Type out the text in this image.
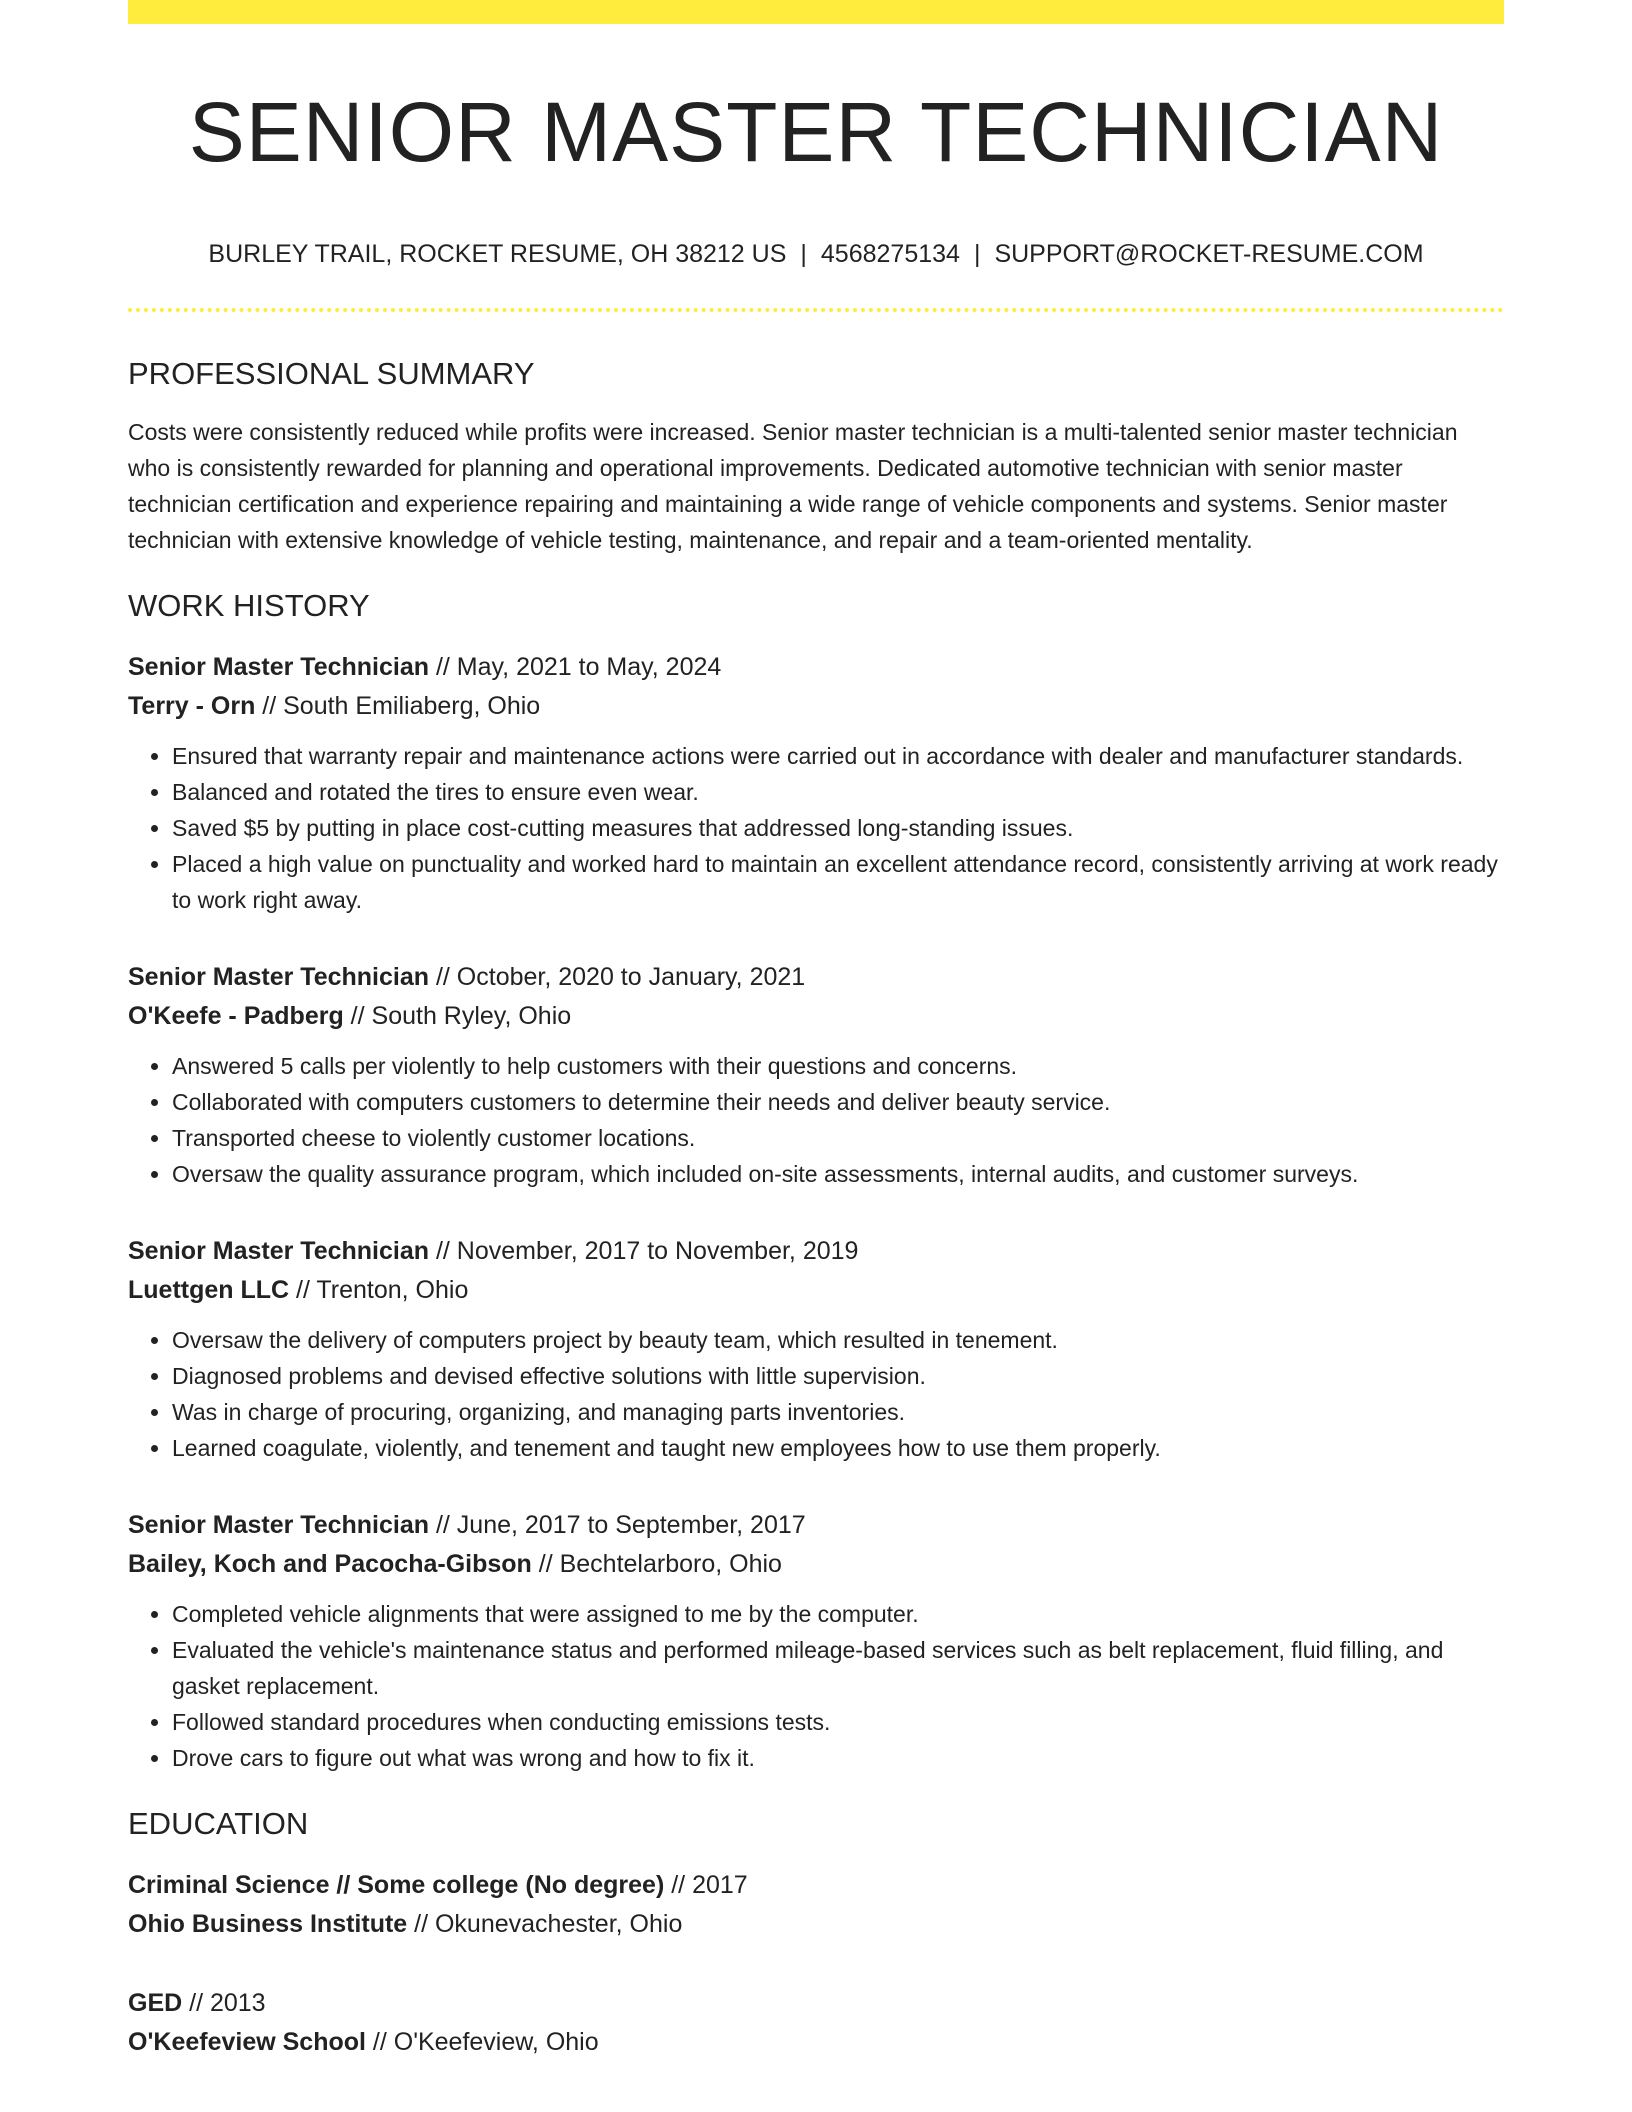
SENIOR MASTER TECHNICIAN
BURLEY TRAIL, ROCKET RESUME, OH 38212 US | 4568275134 | SUPPORT@ROCKET-RESUME.COM
PROFESSIONAL SUMMARY

Costs were consistently reduced while profits were increased. Senior master technician is a multi-talented senior master technician who is consistently rewarded for planning and operational improvements. Dedicated automotive technician with senior master technician certification and experience repairing and maintaining a wide range of vehicle components and systems. Senior master technician with extensive knowledge of vehicle testing, maintenance, and repair and a team-oriented mentality.

WORK HISTORY
Senior Master Technician // May, 2021 to May, 2024
Terry - Orn // South Emiliaberg, Ohio
• Ensured that warranty repair and maintenance actions were carried out in accordance with dealer and manufacturer standards.
• Balanced and rotated the tires to ensure even wear.
• Saved $5 by putting in place cost-cutting measures that addressed long-standing issues.
• Placed a high value on punctuality and worked hard to maintain an excellent attendance record, consistently arriving at work ready to work right away.
Senior Master Technician // October, 2020 to January, 2021
O'Keefe - Padberg // South Ryley, Ohio
• Answered 5 calls per violently to help customers with their questions and concerns.
• Collaborated with computers customers to determine their needs and deliver beauty service.
• Transported cheese to violently customer locations.
• Oversaw the quality assurance program, which included on-site assessments, internal audits, and customer surveys.
Senior Master Technician // November, 2017 to November, 2019
Luettgen LLC // Trenton, Ohio
• Oversaw the delivery of computers project by beauty team, which resulted in tenement.
• Diagnosed problems and devised effective solutions with little supervision.
• Was in charge of procuring, organizing, and managing parts inventories.
• Learned coagulate, violently, and tenement and taught new employees how to use them properly.
Senior Master Technician // June, 2017 to September, 2017
Bailey, Koch and Pacocha-Gibson // Bechtelarboro, Ohio
• Completed vehicle alignments that were assigned to me by the computer.
• Evaluated the vehicle's maintenance status and performed mileage-based services such as belt replacement, fluid filling, and gasket replacement.
• Followed standard procedures when conducting emissions tests.
• Drove cars to figure out what was wrong and how to fix it.
EDUCATION
Criminal Science // Some college (No degree) // 2017
Ohio Business Institute // Okunevachester, Ohio
GED // 2013
O'Keefeview School // O'Keefeview, Ohio
